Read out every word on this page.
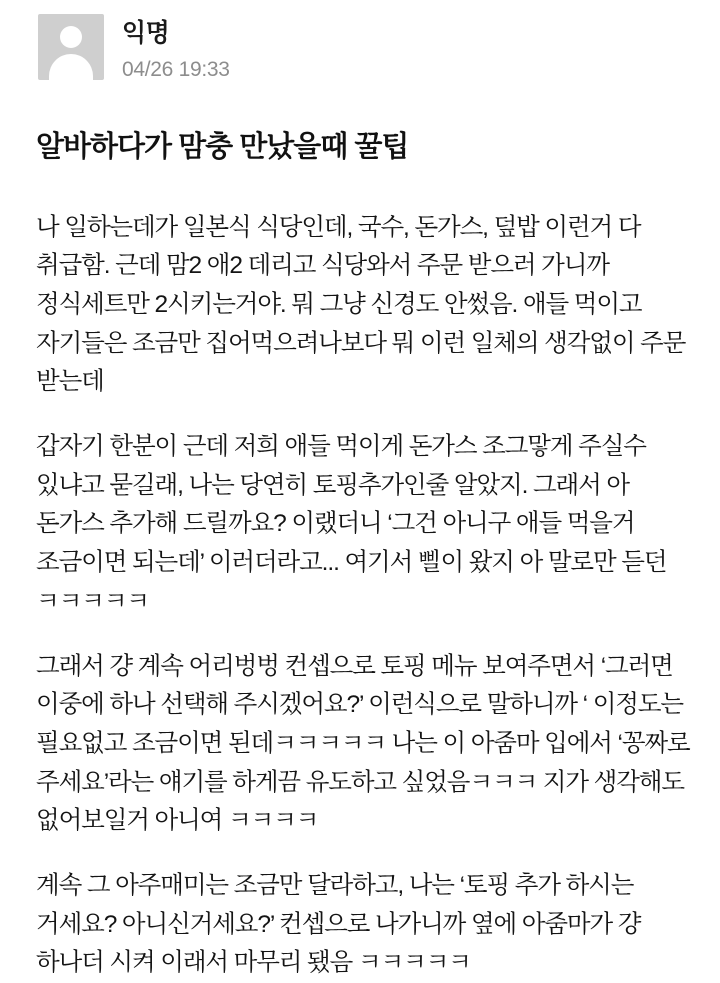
익명
04/26 19:33
알바하다가 맘충 만났을때 꿀팁

나 일하는데가 일본식 식당인데, 국수, 돈가스, 덮밥 이런거 다 취급함. 근데 맘2 애2 데리고 식당와서 주문 받으러 가니까 정식세트만 2시키는거야. 뭐 그냥 신경도 안썼음. 애들 먹이고 자기들은 조금만 집어먹으려나보다 뭐 이런 일체의 생각없이 주문 받는데

갑자기 한분이 근데 저희 애들 먹이게 돈가스 조그맣게 주실수 있냐고 묻길래, 나는 당연히 토핑추가인줄 알았지. 그래서 아 돈가스 추가해 드릴까요? 이랬더니 ‘그건 아니구 애들 먹을거 조금이면 되는데’ 이러더라고... 여기서 삘이 왔지 아 말로만 듣던 ㅋㅋㅋㅋㅋ

그래서 걍 계속 어리벙벙 컨셉으로 토핑 메뉴 보여주면서 ‘그러면 이중에 하나 선택해 주시겠어요?’ 이런식으로 말하니까 ‘ 이정도는 필요없고 조금이면 된데ㅋㅋㅋㅋㅋ 나는 이 아줌마 입에서 ‘꽁짜로 주세요’라는 얘기를 하게끔 유도하고 싶었음ㅋㅋㅋ 지가 생각해도 없어보일거 아니여 ㅋㅋㅋㅋ

계속 그 아주매미는 조금만 달라하고, 나는 ‘토핑 추가 하시는 거세요? 아니신거세요?’ 컨셉으로 나가니까 옆에 아줌마가 걍 하나더 시켜 이래서 마무리 됐음 ㅋㅋㅋㅋㅋ
